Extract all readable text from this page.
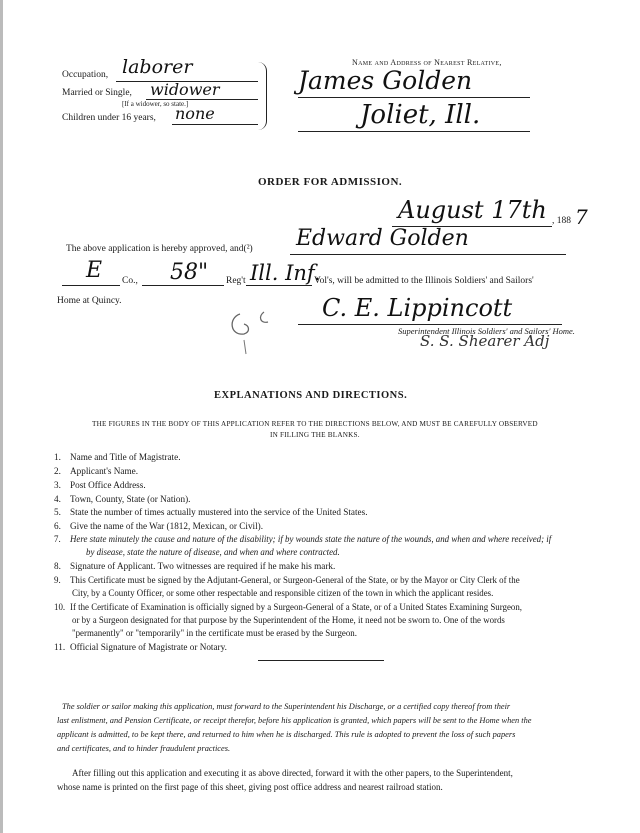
Occupation, laborer
Married or Single, widower
[If a widower, so state.]
Children under 16 years, none
Name and Address of Nearest Relative,
James Golden
Joliet, Ill.
ORDER FOR ADMISSION.
August 17th , 188 7
The above application is hereby approved, and(²) Edward Golden
E Co., 58" Reg't Ill. Inf.
Vol's, will be admitted to the Illinois Soldiers' and Sailors'
Home at Quincy.	C. E. Lippincott
Superintendent Illinois Soldiers' and Sailors' Home.
S. S. Shearer Adj
EXPLANATIONS AND DIRECTIONS.
THE FIGURES IN THE BODY OF THIS APPLICATION REFER TO THE DIRECTIONS BELOW, AND MUST BE CAREFULLY OBSERVED
IN FILLING THE BLANKS.
1. Name and Title of Magistrate.
2. Applicant's Name.
3. Post Office Address.
4. Town, County, State (or Nation).
5. State the number of times actually mustered into the service of the United States.
6. Give the name of the War (1812, Mexican, or Civil).
7. Here state minutely the cause and nature of the disability; if by wounds state the nature of the wounds, and when and where received; if
by disease, state the nature of disease, and when and where contracted.
8. Signature of Applicant. Two witnesses are required if he make his mark.
9. This Certificate must be signed by the Adjutant-General, or Surgeon-General of the State, or by the Mayor or City Clerk of the
City, by a County Officer, or some other respectable and responsible citizen of the town in which the applicant resides.
10. If the Certificate of Examination is officially signed by a Surgeon-General of a State, or of a United States Examining Surgeon,
or by a Surgeon designated for that purpose by the Superintendent of the Home, it need not be sworn to. One of the words
"permanently" or "temporarily" in the certificate must be erased by the Surgeon.
11. Official Signature of Magistrate or Notary.
The soldier or sailor making this application, must forward to the Superintendent his Discharge, or a certified copy thereof from their
last enlistment, and Pension Certificate, or receipt therefor, before his application is granted, which papers will be sent to the Home when the
applicant is admitted, to be kept there, and returned to him when he is discharged. This rule is adopted to prevent the loss of such papers
and certificates, and to hinder fraudulent practices.
After filling out this application and executing it as above directed, forward it with the other papers, to the Superintendent,
whose name is printed on the first page of this sheet, giving post office address and nearest railroad station.
